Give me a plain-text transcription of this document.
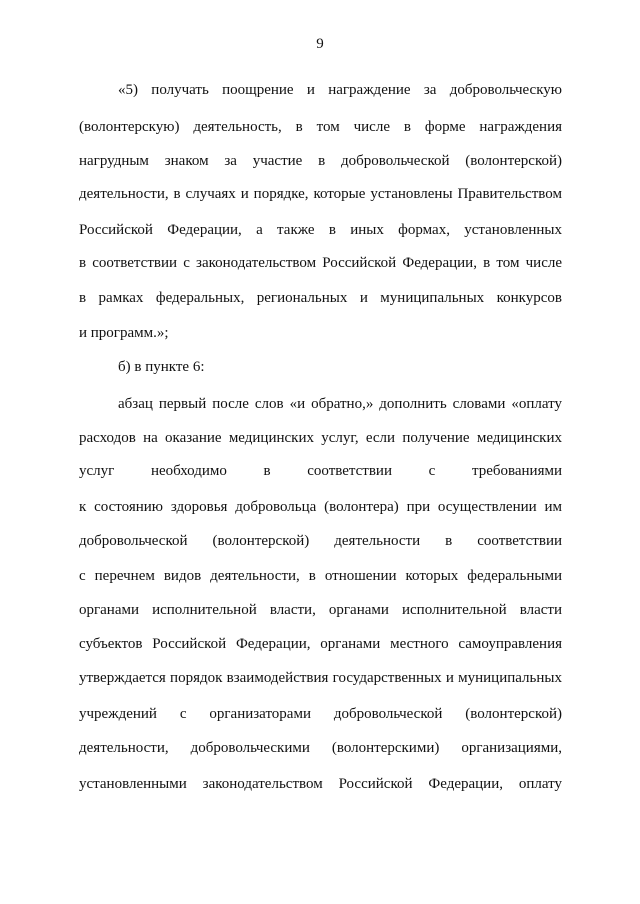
9
«5) получать поощрение и награждение за добровольческую
(волонтерскую) деятельность, в том числе в форме награждения
нагрудным знаком за участие в добровольческой (волонтерской)
деятельности, в случаях и порядке, которые установлены Правительством
Российской Федерации, а также в иных формах, установленных
в соответствии с законодательством Российской Федерации, в том числе
в рамках федеральных, региональных и муниципальных конкурсов
и программ.»;
б) в пункте 6:
абзац первый после слов «и обратно,» дополнить словами «оплату
расходов на оказание медицинских услуг, если получение медицинских
услуг необходимо в соответствии с требованиями
к состоянию здоровья добровольца (волонтера) при осуществлении им
добровольческой (волонтерской) деятельности в соответствии
с перечнем видов деятельности, в отношении которых федеральными
органами исполнительной власти, органами исполнительной власти
субъектов Российской Федерации, органами местного самоуправления
утверждается порядок взаимодействия государственных и муниципальных
учреждений с организаторами добровольческой (волонтерской)
деятельности, добровольческими (волонтерскими) организациями,
установленными законодательством Российской Федерации, оплату
